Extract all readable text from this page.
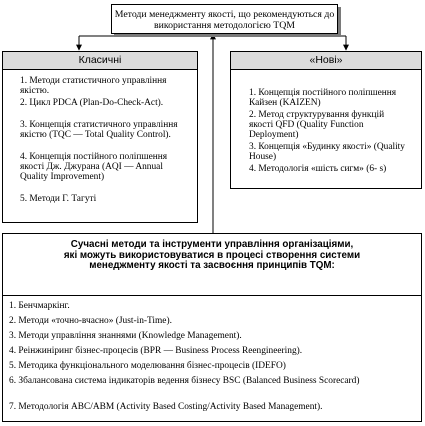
Методи менеджменту якості, що рекомендуються до використання методологією TQM
Класичні
1. Методи статистичного управління якістю.
2. Цикл PDCA (Plan-Do-Check-Act).
3. Концепція статистичного управління якістю (TQC — Total Quality Control).
4. Концепція постійного поліпшення якості Дж. Джурана (AQI — Annual Quality Improvement)
5. Методи Г. Тагуті
«Нові»
1. Концепція постійного поліпшення Кайзен (KAIZEN)
2. Метод структурування функцій якості QFD (Quality Function Deployment)
3. Концепція «Будинку якості» (Quality House)
4. Методологія «шість сигм» (6- s)
Сучасні методи та інструменти управління організаціями, які можуть використовуватися в процесі створення системи менеджменту якості та засвоєння принципів TQM:
1. Бенчмаркінг.
2. Методи «точно-вчасно» (Just-in-Time).
3. Методи управління знаннями (Knowledge Management).
4. Реінжиніринг бізнес-процесів (BPR — Business Process Reengineering).
5. Методика функціонального моделювання бізнес-процесів (IDEFO)
6. Збалансована система індикаторів ведення бізнесу BSC (Balanced Business Scorecard)
7. Методологія ABC/ABM (Activity Based Costing/Activity Based Management).
